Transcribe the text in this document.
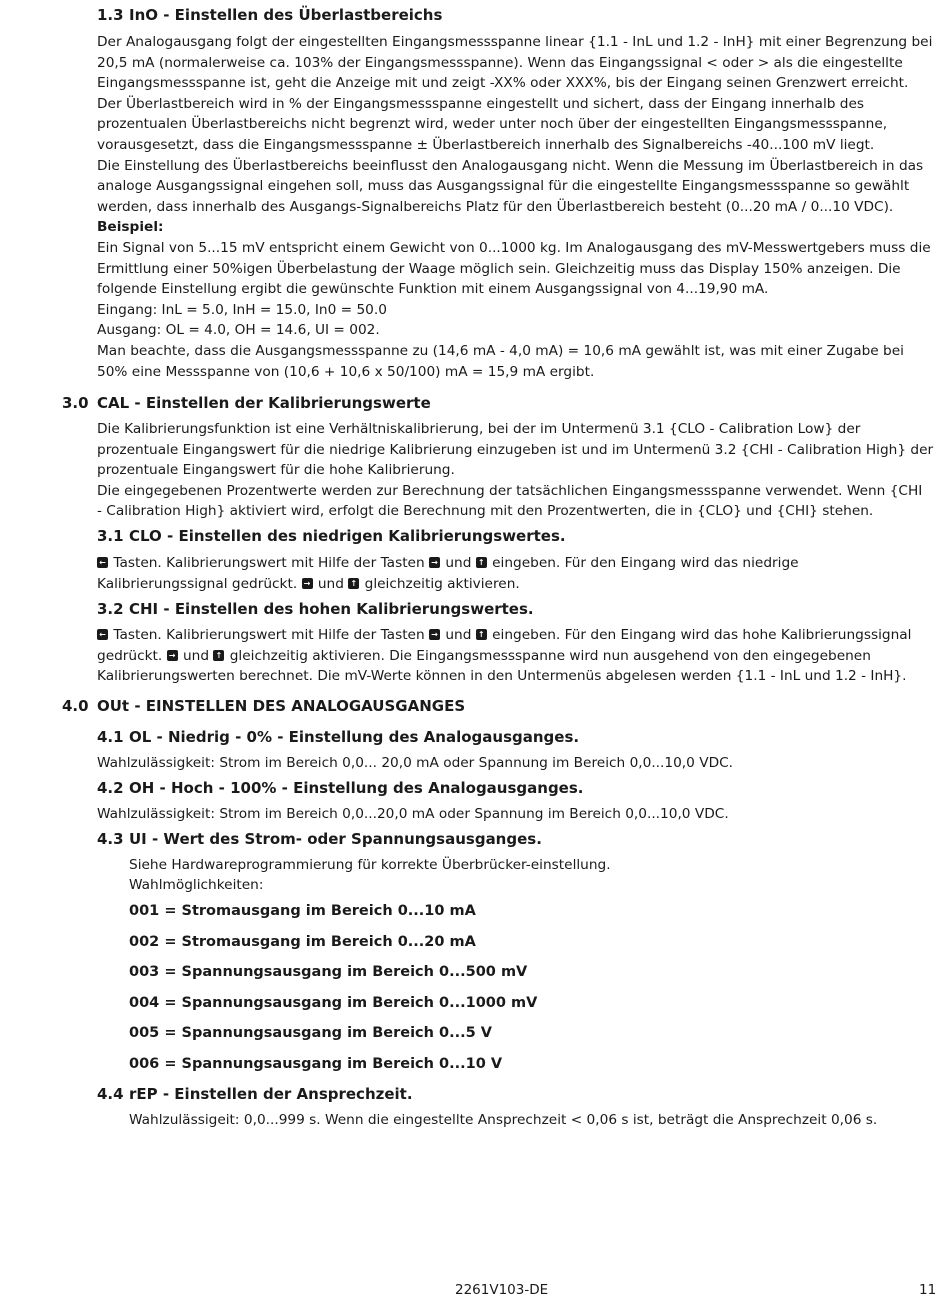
1.3 InO - Einstellen des Überlastbereichs
Der Analogausgang folgt der eingestellten Eingangsmessspanne linear {1.1 - InL und 1.2 - InH} mit einer Begrenzung bei
20,5 mA (normalerweise ca. 103% der Eingangsmessspanne). Wenn das Eingangssignal < oder > als die eingestellte
Eingangsmessspanne ist, geht die Anzeige mit und zeigt -XX% oder XXX%, bis der Eingang seinen Grenzwert erreicht.
Der Überlastbereich wird in % der Eingangsmessspanne eingestellt und sichert, dass der Eingang innerhalb des
prozentualen Überlastbereichs nicht begrenzt wird, weder unter noch über der eingestellten Eingangsmessspanne,
vorausgesetzt, dass die Eingangsmessspanne ± Überlastbereich innerhalb des Signalbereichs -40...100 mV liegt.
Die Einstellung des Überlastbereichs beeinflusst den Analogausgang nicht. Wenn die Messung im Überlastbereich in das
analoge Ausgangssignal eingehen soll, muss das Ausgangssignal für die eingestellte Eingangsmessspanne so gewählt
werden, dass innerhalb des Ausgangs-Signalbereichs Platz für den Überlastbereich besteht (0...20 mA / 0...10 VDC).
Beispiel:
Ein Signal von 5...15 mV entspricht einem Gewicht von 0...1000 kg. Im Analogausgang des mV-Messwertgebers muss die
Ermittlung einer 50%igen Überbelastung der Waage möglich sein. Gleichzeitig muss das Display 150% anzeigen. Die
folgende Einstellung ergibt die gewünschte Funktion mit einem Ausgangssignal von 4...19,90 mA.
Eingang: InL = 5.0, InH = 15.0, In0 = 50.0
Ausgang: OL = 4.0, OH = 14.6, UI = 002.
Man beachte, dass die Ausgangsmessspanne zu (14,6 mA - 4,0 mA) = 10,6 mA gewählt ist, was mit einer Zugabe bei
50% eine Messspanne von (10,6 + 10,6 x 50/100) mA = 15,9 mA ergibt.
3.0 CAL - Einstellen der Kalibrierungswerte
Die Kalibrierungsfunktion ist eine Verhältniskalibrierung, bei der im Untermenü 3.1 {CLO - Calibration Low} der
prozentuale Eingangswert für die niedrige Kalibrierung einzugeben ist und im Untermenü 3.2 {CHI - Calibration High} der
prozentuale Eingangswert für die hohe Kalibrierung.
Die eingegebenen Prozentwerte werden zur Berechnung der tatsächlichen Eingangsmessspanne verwendet. Wenn {CHI
- Calibration High} aktiviert wird, erfolgt die Berechnung mit den Prozentwerten, die in {CLO} und {CHI} stehen.
3.1 CLO - Einstellen des niedrigen Kalibrierungswertes.
← Tasten. Kalibrierungswert mit Hilfe der Tasten → und ↑ eingeben. Für den Eingang wird das niedrige
Kalibrierungssignal gedrückt. → und ↑ gleichzeitig aktivieren.
3.2 CHI - Einstellen des hohen Kalibrierungswertes.
← Tasten. Kalibrierungswert mit Hilfe der Tasten → und ↑ eingeben. Für den Eingang wird das hohe Kalibrierungssignal
gedrückt. → und ↑ gleichzeitig aktivieren. Die Eingangsmessspanne wird nun ausgehend von den eingegebenen
Kalibrierungswerten berechnet. Die mV-Werte können in den Untermenüs abgelesen werden {1.1 - InL und 1.2 - InH}.
4.0 OUt - EINSTELLEN DES ANALOGAUSGANGES
4.1 OL - Niedrig - 0% - Einstellung des Analogausganges.
Wahlzulässigkeit: Strom im Bereich 0,0... 20,0 mA oder Spannung im Bereich 0,0...10,0 VDC.
4.2 OH - Hoch - 100% - Einstellung des Analogausganges.
Wahlzulässigkeit: Strom im Bereich 0,0...20,0 mA oder Spannung im Bereich 0,0...10,0 VDC.
4.3 UI - Wert des Strom- oder Spannungsausganges.
Siehe Hardwareprogrammierung für korrekte Überbrücker-einstellung.
Wahlmöglichkeiten:
001 = Stromausgang im Bereich 0...10 mA
002 = Stromausgang im Bereich 0...20 mA
003 = Spannungsausgang im Bereich 0...500 mV
004 = Spannungsausgang im Bereich 0...1000 mV
005 = Spannungsausgang im Bereich 0...5 V
006 = Spannungsausgang im Bereich 0...10 V
4.4 rEP - Einstellen der Ansprechzeit.
Wahlzulässigeit: 0,0...999 s. Wenn die eingestellte Ansprechzeit < 0,06 s ist, beträgt die Ansprechzeit 0,06 s.
2261V103-DE	11
